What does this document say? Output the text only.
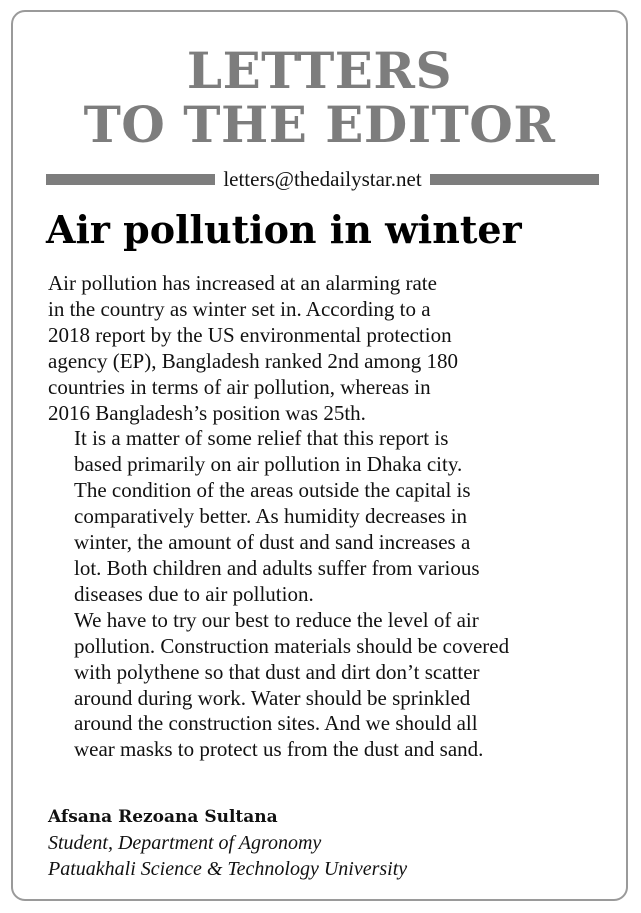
LETTERS
TO THE EDITOR
letters@thedailystar.net
Air pollution in winter

Air pollution has increased at an alarming rate
in the country as winter set in. According to a
2018 report by the US environmental protection
agency (EP), Bangladesh ranked 2nd among 180
countries in terms of air pollution, whereas in
2016 Bangladesh’s position was 25th.

It is a matter of some relief that this report is
based primarily on air pollution in Dhaka city.
The condition of the areas outside the capital is
comparatively better. As humidity decreases in
winter, the amount of dust and sand increases a
lot. Both children and adults suffer from various
diseases due to air pollution.

We have to try our best to reduce the level of air
pollution. Construction materials should be covered
with polythene so that dust and dirt don’t scatter
around during work. Water should be sprinkled
around the construction sites. And we should all
wear masks to protect us from the dust and sand.

Afsana Rezoana Sultana
Student, Department of Agronomy
Patuakhali Science & Technology University
